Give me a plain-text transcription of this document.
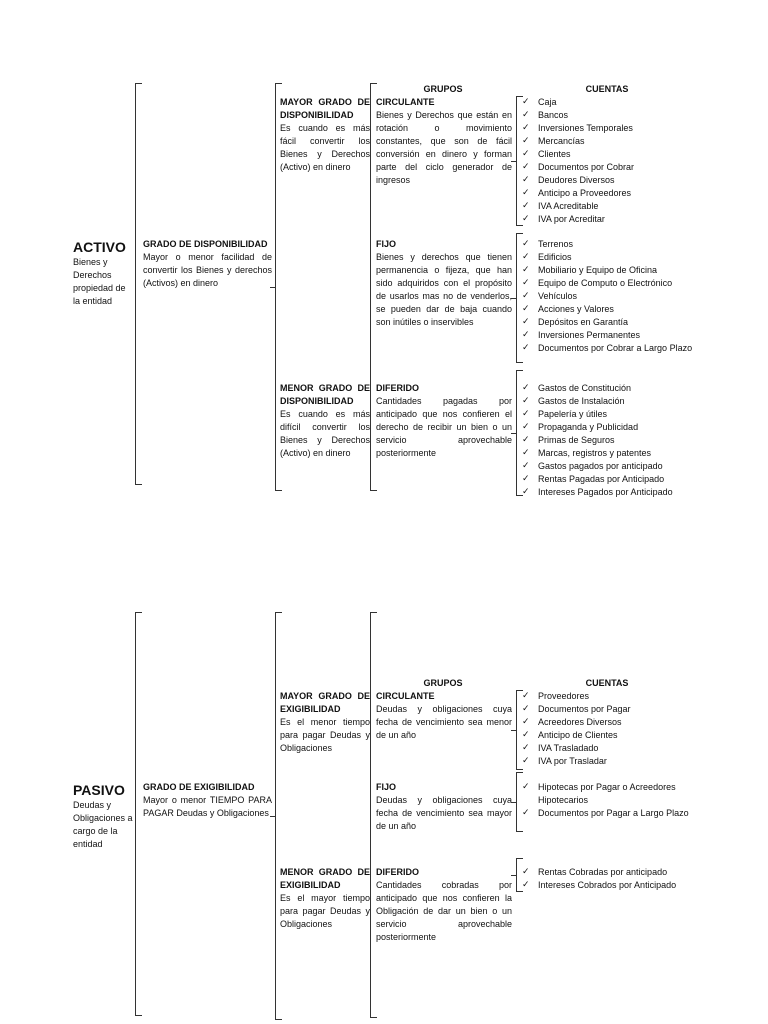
ACTIVO
Bienes y Derechos propiedad de la entidad
GRADO DE DISPONIBILIDAD
Mayor o menor facilidad de convertir los Bienes y derechos (Activos) en dinero
MAYOR GRADO DE DISPONIBILIDAD
Es cuando es más fácil convertir los Bienes y Derechos (Activo) en dinero
MENOR GRADO DE DISPONIBILIDAD
Es cuando es más difícil convertir los Bienes y Derechos (Activo) en dinero
GRUPOS	CUENTAS
CIRCULANTE
Bienes y Derechos que están en rotación o movimiento constantes, que son de fácil conversión en dinero y forman parte del ciclo generador de ingresos
✓ Caja
✓ Bancos
✓ Inversiones Temporales
✓ Mercancías
✓ Clientes
✓ Documentos por Cobrar
✓ Deudores Diversos
✓ Anticipo a Proveedores
✓ IVA Acreditable
✓ IVA por Acreditar
FIJO
Bienes y derechos que tienen permanencia o fijeza, que han sido adquiridos con el propósito de usarlos mas no de venderlos, se pueden dar de baja cuando son inútiles o inservibles
✓ Terrenos
✓ Edificios
✓ Mobiliario y Equipo de Oficina
✓ Equipo de Computo o Electrónico
✓ Vehículos
✓ Acciones y Valores
✓ Depósitos en Garantía
✓ Inversiones Permanentes
✓ Documentos por Cobrar a Largo Plazo
DIFERIDO
Cantidades pagadas por anticipado que nos confieren el derecho de recibir un bien o un servicio aprovechable posteriormente
✓ Gastos de Constitución
✓ Gastos de Instalación
✓ Papelería y útiles
✓ Propaganda y Publicidad
✓ Primas de Seguros
✓ Marcas, registros y patentes
✓ Gastos pagados por anticipado
✓ Rentas Pagadas por Anticipado
✓ Intereses Pagados por Anticipado
PASIVO
Deudas y Obligaciones a cargo de la entidad
GRADO DE EXIGIBILIDAD
Mayor o menor TIEMPO PARA PAGAR Deudas y Obligaciones
MAYOR GRADO DE EXIGIBILIDAD
Es el menor tiempo para pagar Deudas y Obligaciones
MENOR GRADO DE EXIGIBILIDAD
Es el mayor tiempo para pagar Deudas y Obligaciones
GRUPOS	CUENTAS
CIRCULANTE
Deudas y obligaciones cuya fecha de vencimiento sea menor de un año
✓ Proveedores
✓ Documentos por Pagar
✓ Acreedores Diversos
✓ Anticipo de Clientes
✓ IVA Trasladado
✓ IVA por Trasladar
FIJO
Deudas y obligaciones cuya fecha de vencimiento sea mayor de un año
✓ Hipotecas por Pagar o Acreedores Hipotecarios
✓ Documentos por Pagar a Largo Plazo
DIFERIDO
Cantidades cobradas por anticipado que nos confieren la Obligación de dar un bien o un servicio aprovechable posteriormente
✓ Rentas Cobradas por anticipado
✓ Intereses Cobrados por Anticipado
